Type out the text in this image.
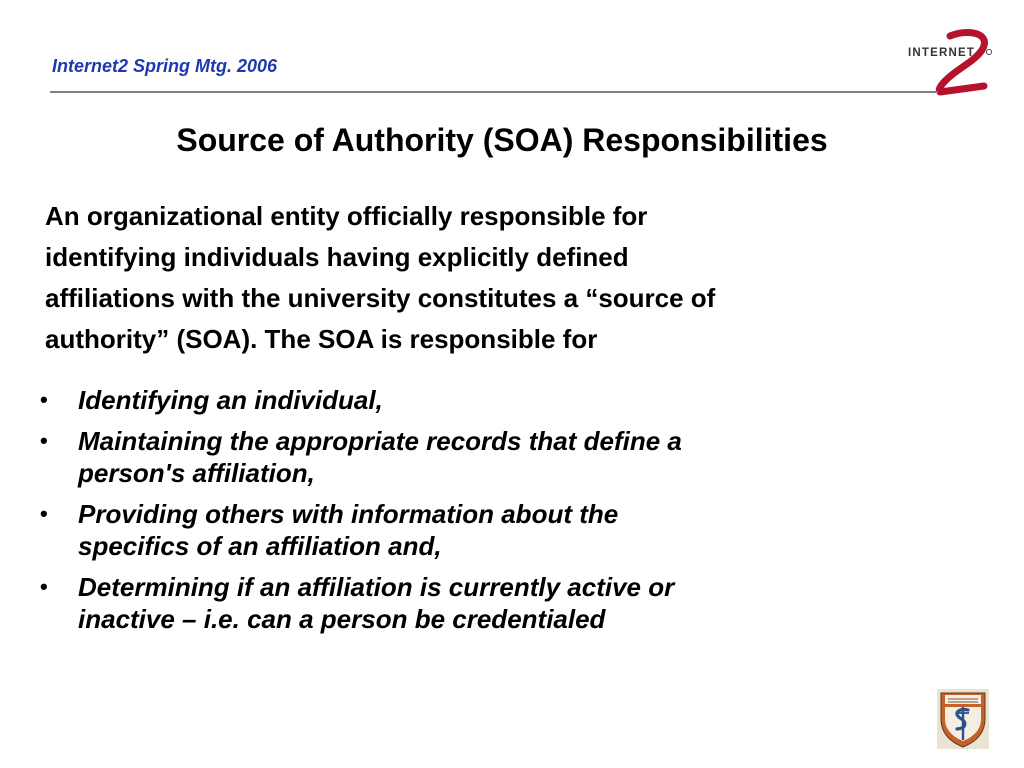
Internet2 Spring Mtg. 2006
INTERNET
Source of Authority (SOA) Responsibilities
An organizational entity officially responsible for
identifying individuals having explicitly defined
affiliations with the university constitutes a “source of
authority” (SOA). The SOA is responsible for
• Identifying an individual,
• Maintaining the appropriate records that define a
person's affiliation,
• Providing others with information about the
specifics of an affiliation and,
• Determining if an affiliation is currently active or
inactive – i.e. can a person be credentialed
